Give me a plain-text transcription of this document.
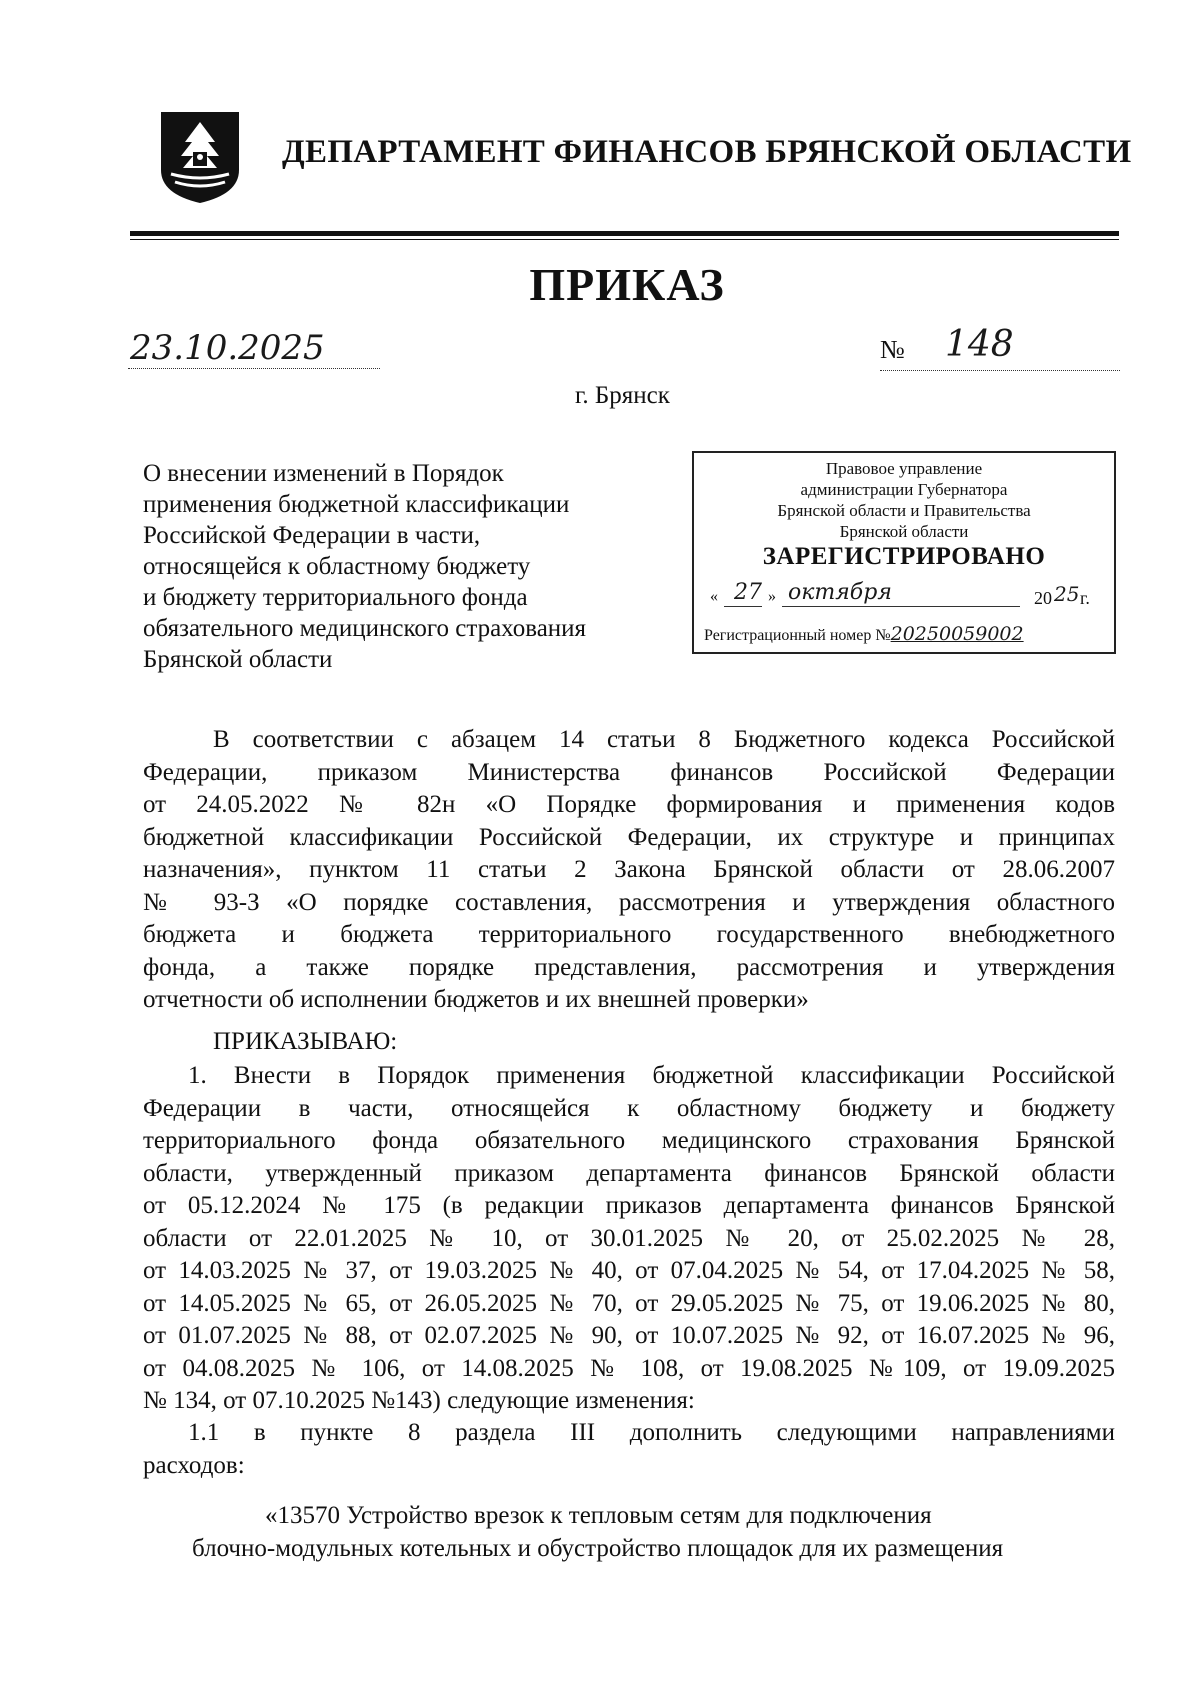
ДЕПАРТАМЕНТ ФИНАНСОВ БРЯНСКОЙ ОБЛАСТИ
ПРИКАЗ
23.10.2025	№ 148
г. Брянск
О внесении изменений в Порядок
применения бюджетной классификации
Российской Федерации в части,
относящейся к областному бюджету
и бюджету территориального фонда
обязательного медицинского страхования
Брянской области
Правовое управление
администрации Губернатора
Брянской области и Правительства
Брянской области
ЗАРЕГИСТРИРОВАНО
« 27 » октября	20 25 г.
Регистрационный номер №20250059002
В соответствии с абзацем 14 статьи 8 Бюджетного кодекса Российской
Федерации, приказом Министерства финансов Российской Федерации
от 24.05.2022 № 82н «О Порядке формирования и применения кодов
бюджетной классификации Российской Федерации, их структуре и принципах
назначения», пунктом 11 статьи 2 Закона Брянской области от 28.06.2007
№ 93-З «О порядке составления, рассмотрения и утверждения областного
бюджета и бюджета территориального государственного внебюджетного
фонда, а также порядке представления, рассмотрения и утверждения
отчетности об исполнении бюджетов и их внешней проверки»
ПРИКАЗЫВАЮ:
1. Внести в Порядок применения бюджетной классификации Российской
Федерации в части, относящейся к областному бюджету и бюджету
территориального фонда обязательного медицинского страхования Брянской
области, утвержденный приказом департамента финансов Брянской области
от 05.12.2024 № 175 (в редакции приказов департамента финансов Брянской
области от 22.01.2025 № 10, от 30.01.2025 № 20, от 25.02.2025 № 28,
от 14.03.2025 № 37, от 19.03.2025 № 40, от 07.04.2025 № 54, от 17.04.2025 № 58,
от 14.05.2025 № 65, от 26.05.2025 № 70, от 29.05.2025 № 75, от 19.06.2025 № 80,
от 01.07.2025 № 88, от 02.07.2025 № 90, от 10.07.2025 № 92, от 16.07.2025 № 96,
от 04.08.2025 № 106, от 14.08.2025 № 108, от 19.08.2025 №109, от 19.09.2025
№ 134, от 07.10.2025 №143) следующие изменения:
1.1 в пункте 8 раздела III дополнить следующими направлениями
расходов:
«13570 Устройство врезок к тепловым сетям для подключения
блочно-модульных котельных и обустройство площадок для их размещения
